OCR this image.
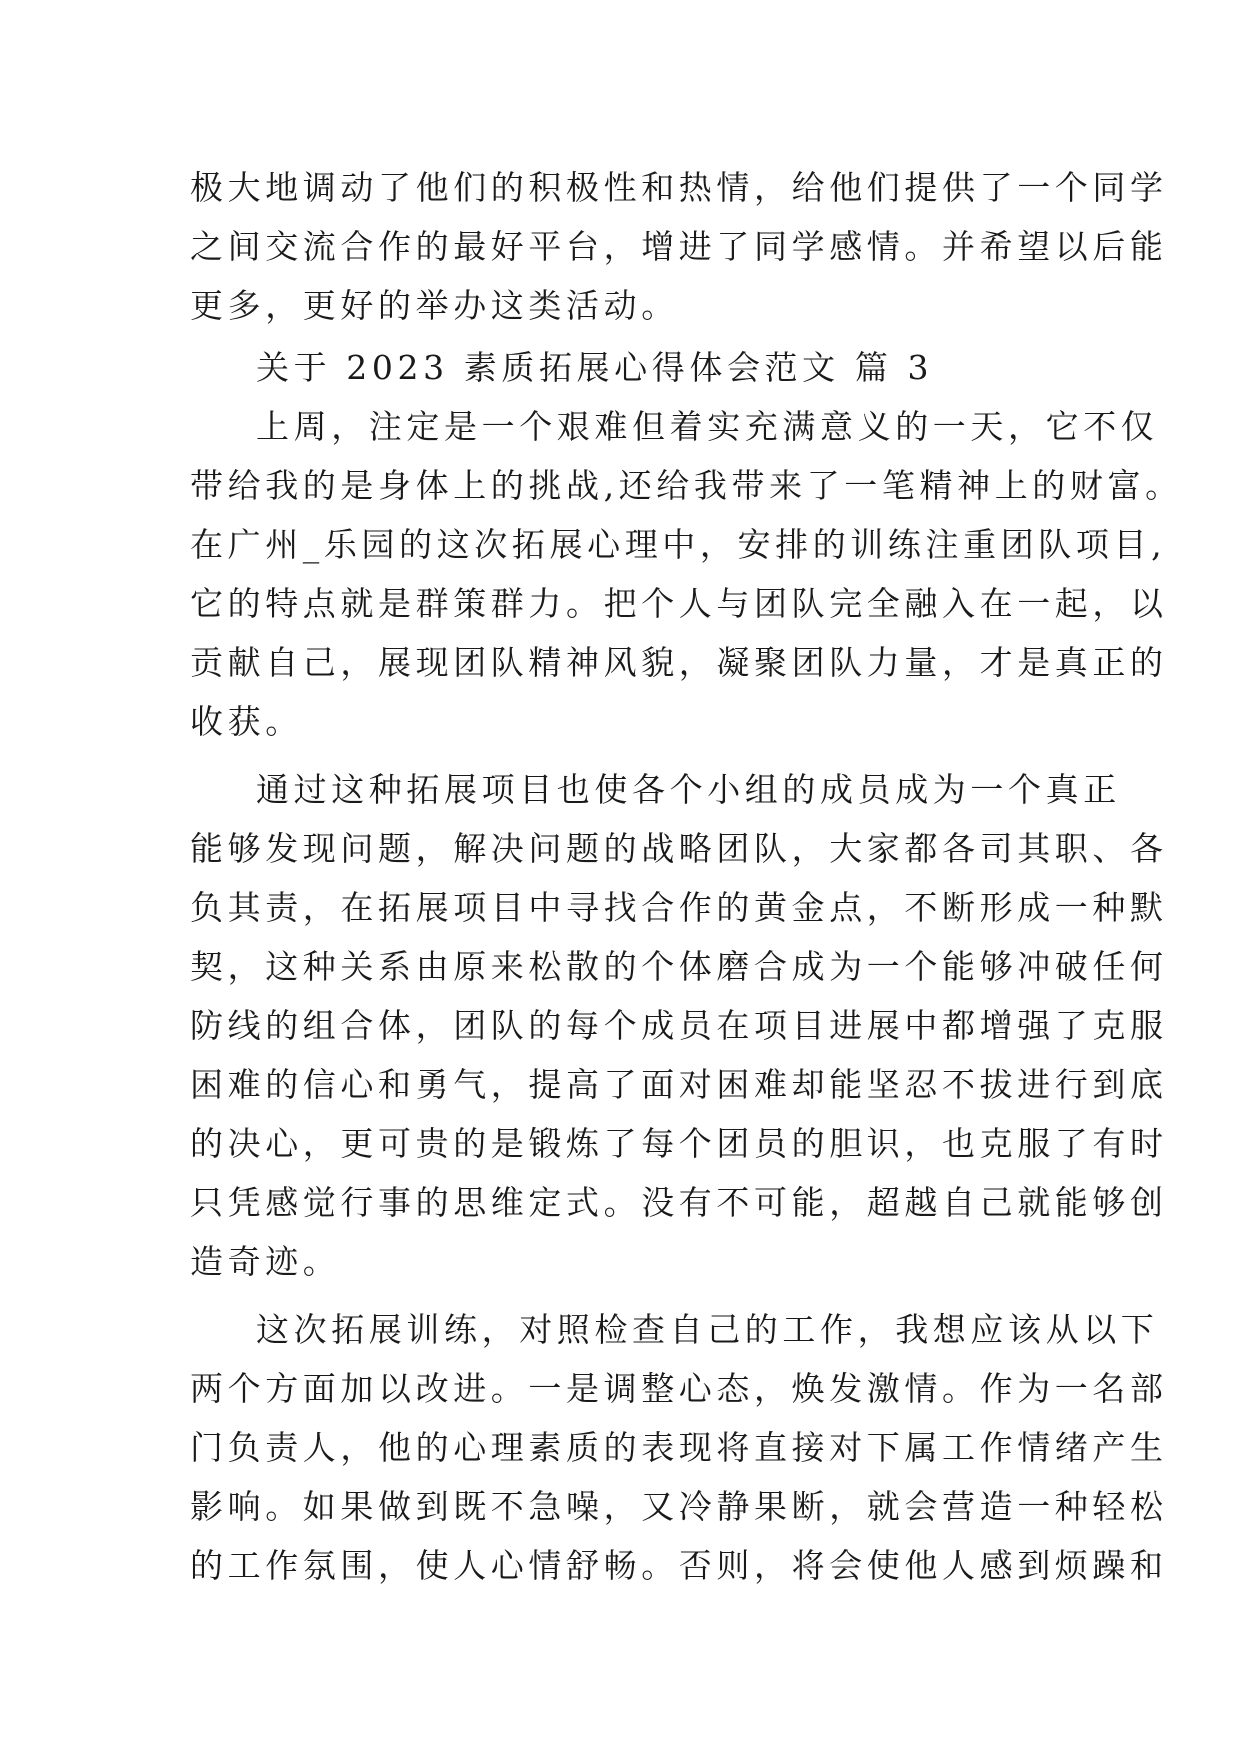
极大地调动了他们的积极性和热情，给他们提供了一个同学
之间交流合作的最好平台，增进了同学感情。并希望以后能
更多，更好的举办这类活动。
关于 2023 素质拓展心得体会范文 篇 3
上周，注定是一个艰难但着实充满意义的一天，它不仅
带给我的是身体上的挑战,还给我带来了一笔精神上的财富。
在广州_乐园的这次拓展心理中，安排的训练注重团队项目,
它的特点就是群策群力。把个人与团队完全融入在一起，以
贡献自己，展现团队精神风貌，凝聚团队力量，才是真正的
收获。
通过这种拓展项目也使各个小组的成员成为一个真正
能够发现问题，解决问题的战略团队，大家都各司其职、各
负其责，在拓展项目中寻找合作的黄金点，不断形成一种默
契，这种关系由原来松散的个体磨合成为一个能够冲破任何
防线的组合体，团队的每个成员在项目进展中都增强了克服
困难的信心和勇气，提高了面对困难却能坚忍不拔进行到底
的决心，更可贵的是锻炼了每个团员的胆识，也克服了有时
只凭感觉行事的思维定式。没有不可能，超越自己就能够创
造奇迹。
这次拓展训练，对照检查自己的工作，我想应该从以下
两个方面加以改进。一是调整心态，焕发激情。作为一名部
门负责人，他的心理素质的表现将直接对下属工作情绪产生
影响。如果做到既不急噪，又冷静果断，就会营造一种轻松
的工作氛围，使人心情舒畅。否则，将会使他人感到烦躁和
